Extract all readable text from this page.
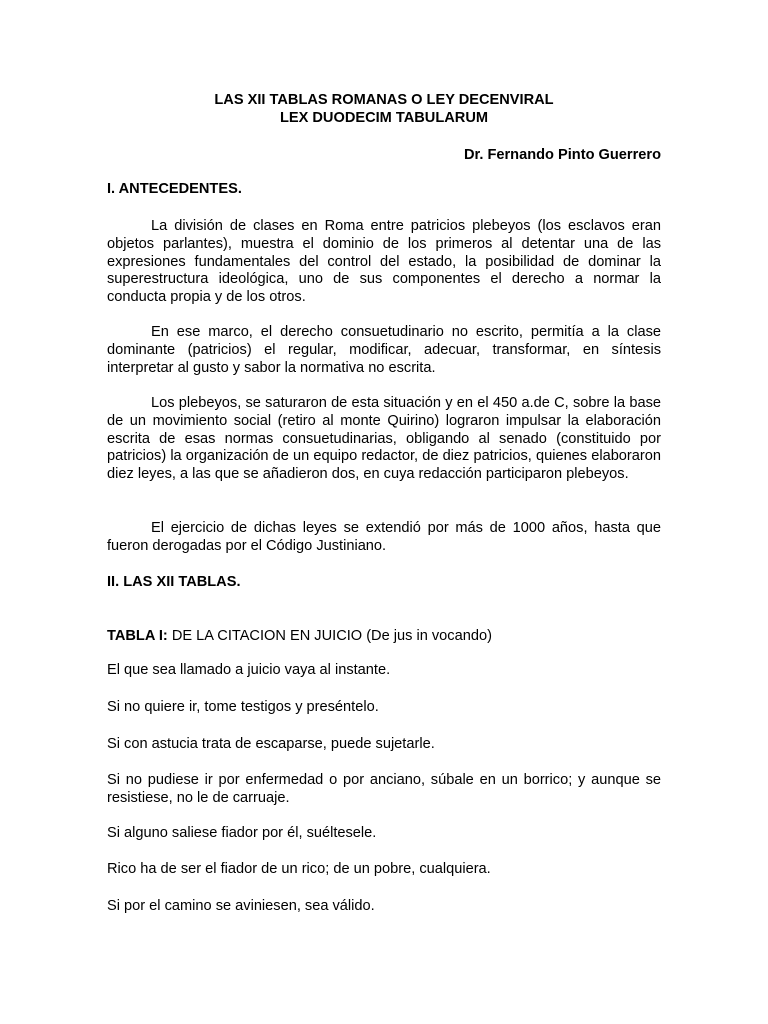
LAS XII TABLAS ROMANAS O LEY DECENVIRAL
LEX DUODECIM TABULARUM
Dr. Fernando Pinto Guerrero
I. ANTECEDENTES.

La división de clases en Roma entre patricios plebeyos (los esclavos eran objetos parlantes), muestra el dominio de los primeros al detentar una de las expresiones fundamentales del control del estado, la posibilidad de dominar la superestructura ideológica, uno de sus componentes el derecho a normar la conducta propia y de los otros.

En ese marco, el derecho consuetudinario no escrito, permitía a la clase dominante (patricios) el regular, modificar, adecuar, transformar, en síntesis interpretar al gusto y sabor la normativa no escrita.

Los plebeyos, se saturaron de esta situación y en el 450 a.de C, sobre la base de un movimiento social (retiro al monte Quirino) lograron impulsar la elaboración escrita de esas normas consuetudinarias, obligando al senado (constituido por patricios) la organización de un equipo redactor, de diez patricios, quienes elaboraron diez leyes, a las que se añadieron dos, en cuya redacción participaron plebeyos.

El ejercicio de dichas leyes se extendió por más de 1000 años, hasta que fueron derogadas por el Código Justiniano.

II. LAS XII TABLAS.

TABLA I: DE LA CITACION EN JUICIO (De jus in vocando)

El que sea llamado a juicio vaya al instante.

Si no quiere ir, tome testigos y preséntelo.

Si con astucia trata de escaparse, puede sujetarle.

Si no pudiese ir por enfermedad o por anciano, súbale en un borrico; y aunque se resistiese, no le de carruaje.

Si alguno saliese fiador por él, suéltesele.

Rico ha de ser el fiador de un rico; de un pobre, cualquiera.

Si por el camino se aviniesen, sea válido.
